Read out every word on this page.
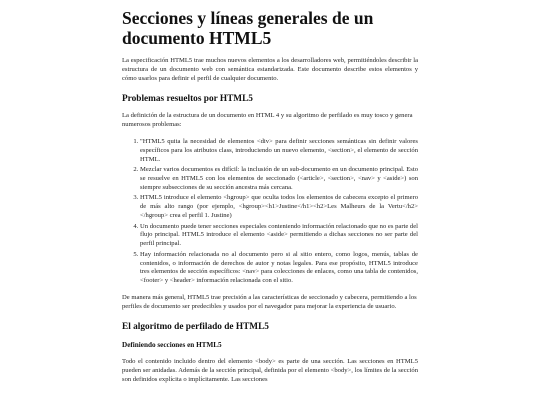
Secciones y líneas generales de un documento HTML5

La especificación HTML5 trae muchos nuevos elementos a los desarrolladores web, permitiéndoles describir la estructura de un documento web con semántica estandarizada. Este documento describe estos elementos y cómo usarlos para definir el perfil de cualquier documento.

Problemas resueltos por HTML5

La definición de la estructura de un documento en HTML 4 y su algoritmo de perfilado es muy tosco y genera numerosos problemas:

1. "HTML5 quita la necesidad de elementos <div> para definir secciones semánticas sin definir valores específicos para los atributos class, introduciendo un nuevo elemento, <section>, el elemento de sección HTML.
2. Mezclar varios documentos es difícil: la inclusión de un sub-documento en un documento principal. Esto se resuelve en HTML5 con los elementos de seccionado (<article>, <section>, <nav> y <aside>) son siempre subsecciones de su sección ancestra más cercana.
3. HTML5 introduce el elemento <hgroup> que oculta todos los elementos de cabecera excepto el primero de más alto rango (por ejemplo, <hgroup><h1>Justine</h1><h2>Les Malheurs de la Vertu</h2></hgroup> crea el perfil 1. Justine)
4. Un documento puede tener secciones especiales conteniendo información relacionado que no es parte del flujo principal. HTML5 introduce el elemento <aside> permitiendo a dichas secciones no ser parte del perfil principal.
5. Hay información relacionada no al documento pero si al sitio entero, como logos, menús, tablas de contenidos, o información de derechos de autor y notas legales. Para ese propósito, HTML5 introduce tres elementos de sección específicos: <nav> para colecciones de enlaces, como una tabla de contenidos, <footer> y <header> información relacionada con el sitio.

De manera más general, HTML5 trae precisión a las características de seccionado y cabecera, permitiendo a los perfiles de documento ser predecibles y usados por el navegador para mejorar la experiencia de usuario.

El algoritmo de perfilado de HTML5
Definiendo secciones en HTML5

Todo el contenido incluido dentro del elemento <body> es parte de una sección. Las secciones en HTML5 pueden ser anidadas. Además de la sección principal, definida por el elemento <body>, los límites de la sección son definidos explícita o implícitamente. Las secciones
